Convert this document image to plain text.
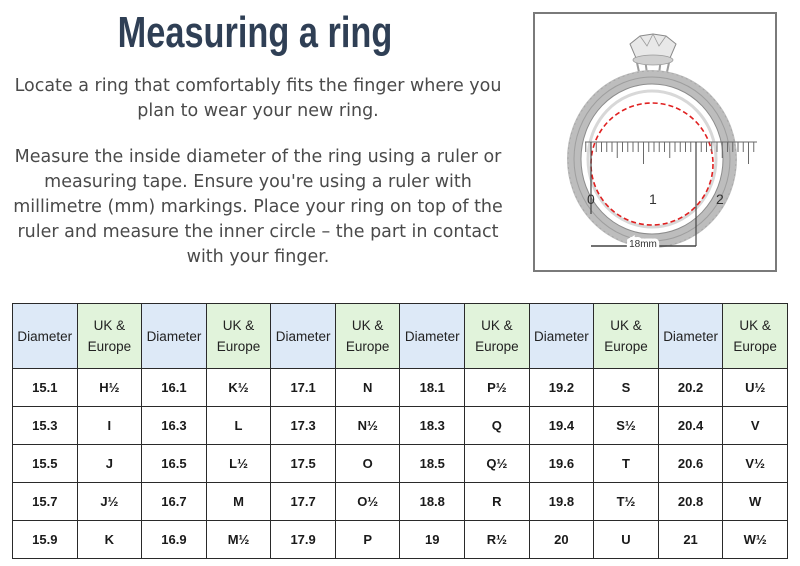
Measuring a ring
Locate a ring that comfortably fits the finger where you plan to wear your new ring.
Measure the inside diameter of the ring using a ruler or measuring tape. Ensure you're using a ruler with millimetre (mm) markings. Place your ring on top of the ruler and measure the inner circle – the part in contact with your finger.
0	1	2
18mm
Diameter	UK & Europe	Diameter	UK & Europe	Diameter	UK & Europe	Diameter	UK & Europe	Diameter	UK & Europe	Diameter	UK & Europe
15.1	H½	16.1	K½	17.1	N	18.1	P½	19.2	S	20.2	U½
15.3	I	16.3	L	17.3	N½	18.3	Q	19.4	S½	20.4	V
15.5	J	16.5	L½	17.5	O	18.5	Q½	19.6	T	20.6	V½
15.7	J½	16.7	M	17.7	O½	18.8	R	19.8	T½	20.8	W
15.9	K	16.9	M½	17.9	P	19	R½	20	U	21	W½
